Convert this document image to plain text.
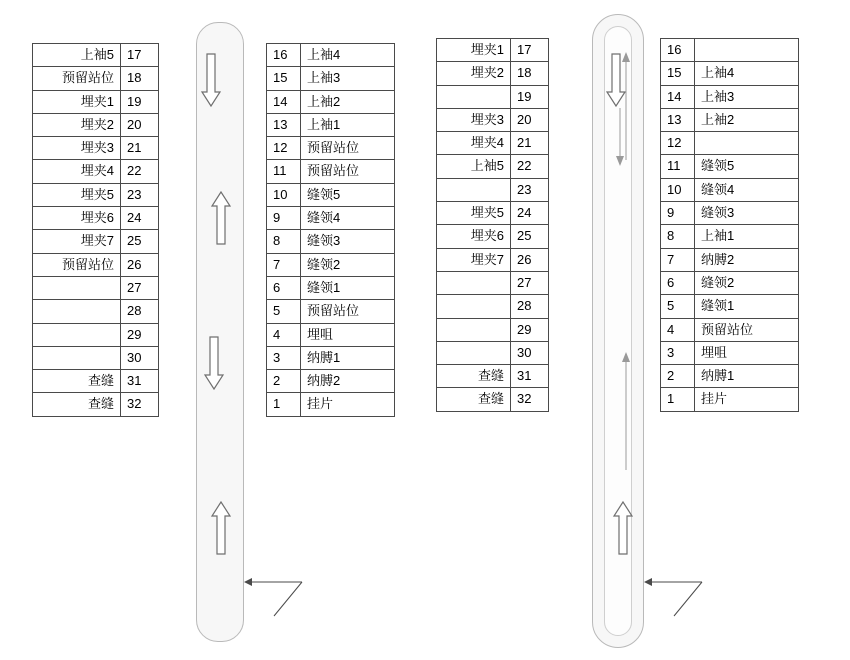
上袖5	17
预留站位	18
埋夹1	19
埋夹2	20
埋夹3	21
埋夹4	22
埋夹5	23
埋夹6	24
埋夹7	25
预留站位	26
	27
	28
	29
	30
查缝	31
查缝	32
16	上袖4
15	上袖3
14	上袖2
13	上袖1
12	预留站位
11	预留站位
10	缝领5
9	缝领4
8	缝领3
7	缝领2
6	缝领1
5	预留站位
4	埋咀
3	纳膊1
2	纳膊2
1	挂片
埋夹1	17
埋夹2	18
	19
埋夹3	20
埋夹4	21
上袖5	22
	23
埋夹5	24
埋夹6	25
埋夹7	26
	27
	28
	29
	30
查缝	31
查缝	32
16	
15	上袖4
14	上袖3
13	上袖2
12	
11	缝领5
10	缝领4
9	缝领3
8	上袖1
7	纳膊2
6	缝领2
5	缝领1
4	预留站位
3	埋咀
2	纳膊1
1	挂片
